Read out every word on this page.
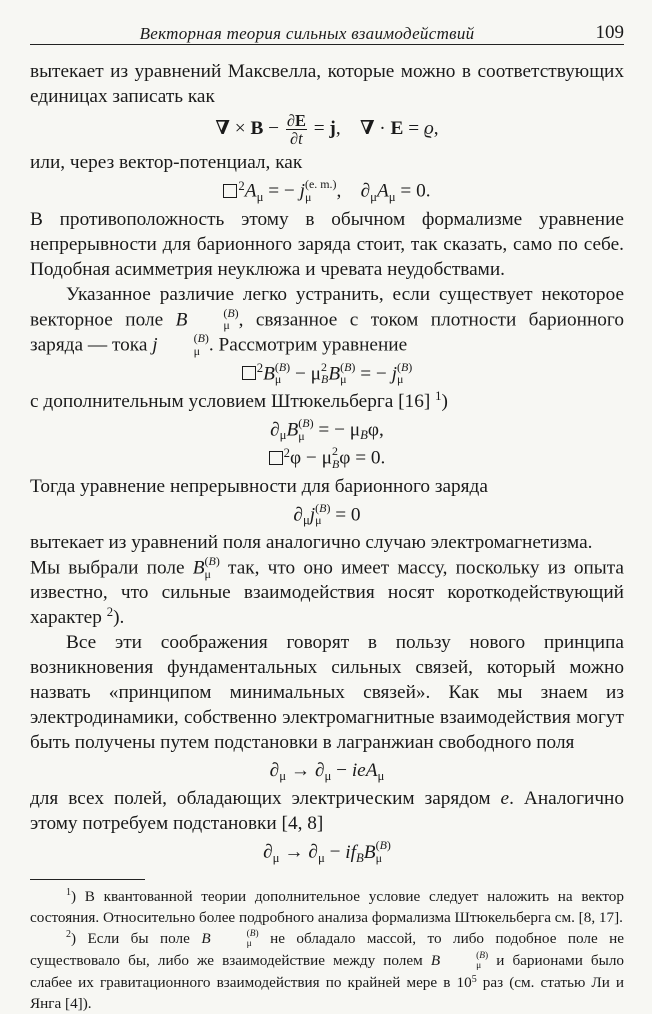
Векторная теория сильных взаимодействий	109

вытекает из уравнений Максвелла, которые можно в соответствующих единицах записать как

∇ × $B - \frac{\partial E}{\partial t} = j$,    ∇ · E = ϱ,

или, через вектор-потенциал, как

$^2A_\mu$ = − j (e. m.)
μ	,    $\partial_\mu A_\mu = 0$.

В противоположность этому в обычном формализме уравнение непрерывности для барионного заряда стоит, так сказать, само по себе. Подобная асимметрия неуклюжа и чревата неудобствами.

Указанное различие легко устранить, если существует некоторое векторное поле B	(B)
μ , связанное с током плотности барионного заряда — тока j	(B)
μ . Рассмотрим уравнение

$^2$B (B)
μ − μ 2
B B (B)
μ = − j (B)
μ

с дополнительным условием Штюкельберга [16] $^1$)

$\partial_\mu B$ (B)
μ = − $\mu_B\varphi$,
$^2$φ − μ 2
B φ = 0.

Тогда уравнение непрерывности для барионного заряда

$\partial_\mu j$ (B)
μ = 0

вытекает из уравнений поля аналогично случаю электромагнетизма.

Мы выбрали поле B (B)
μ так, что оно имеет массу, поскольку из опыта известно, что сильные взаимодействия носят короткодействующий характер $^2$).

Все эти соображения говорят в пользу нового принципа возникновения фундаментальных сильных связей, который можно назвать «принципом минимальных связей». Как мы знаем из электродинамики, собственно электромагнитные взаимодействия могут быть получены путем подстановки в лагранжиан свободного поля

$\partial_\mu \to \partial_\mu - ieA_\mu$

для всех полей, обладающих электрическим зарядом e. Аналогично этому потребуем подстановки [4, 8]

$\partial_\mu \to \partial_\mu - if_BB$ (B)
μ

$^1$) В квантованной теории дополнительное условие следует наложить на вектор состояния. Относительно более подробного анализа формализма Штюкельберга см. [8, 17].

$^2$) Если бы поле B	(B)
μ	не обладало массой, то либо подобное поле не существовало бы, либо же взаимодействие между полем B	(B)
μ и барионами было слабее их гравитационного взаимодействия по крайней мере в $10^5$ раз (см. статью Ли и Янга [4]).
